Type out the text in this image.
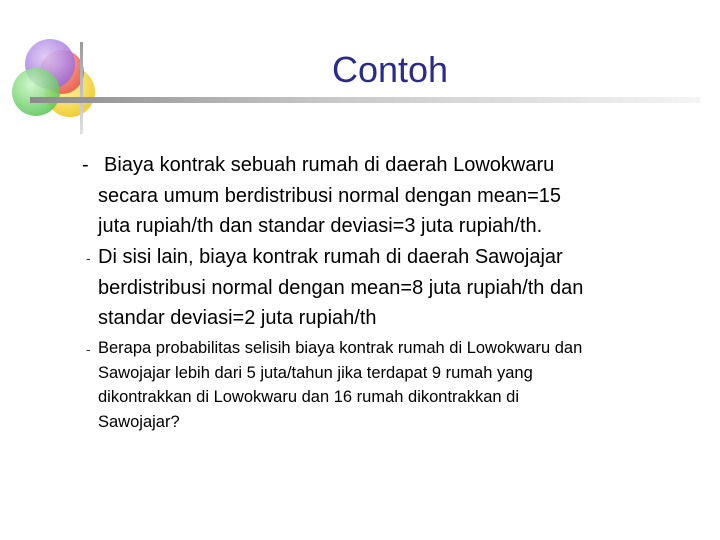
Contoh
- Biaya kontrak sebuah rumah di daerah Lowokwaru
secara umum berdistribusi normal dengan mean=15
juta rupiah/th dan standar deviasi=3 juta rupiah/th.
- Di sisi lain, biaya kontrak rumah di daerah Sawojajar
berdistribusi normal dengan mean=8 juta rupiah/th dan
standar deviasi=2 juta rupiah/th
- Berapa probabilitas selisih biaya kontrak rumah di Lowokwaru dan
Sawojajar lebih dari 5 juta/tahun jika terdapat 9 rumah yang
dikontrakkan di Lowokwaru dan 16 rumah dikontrakkan di
Sawojajar?
